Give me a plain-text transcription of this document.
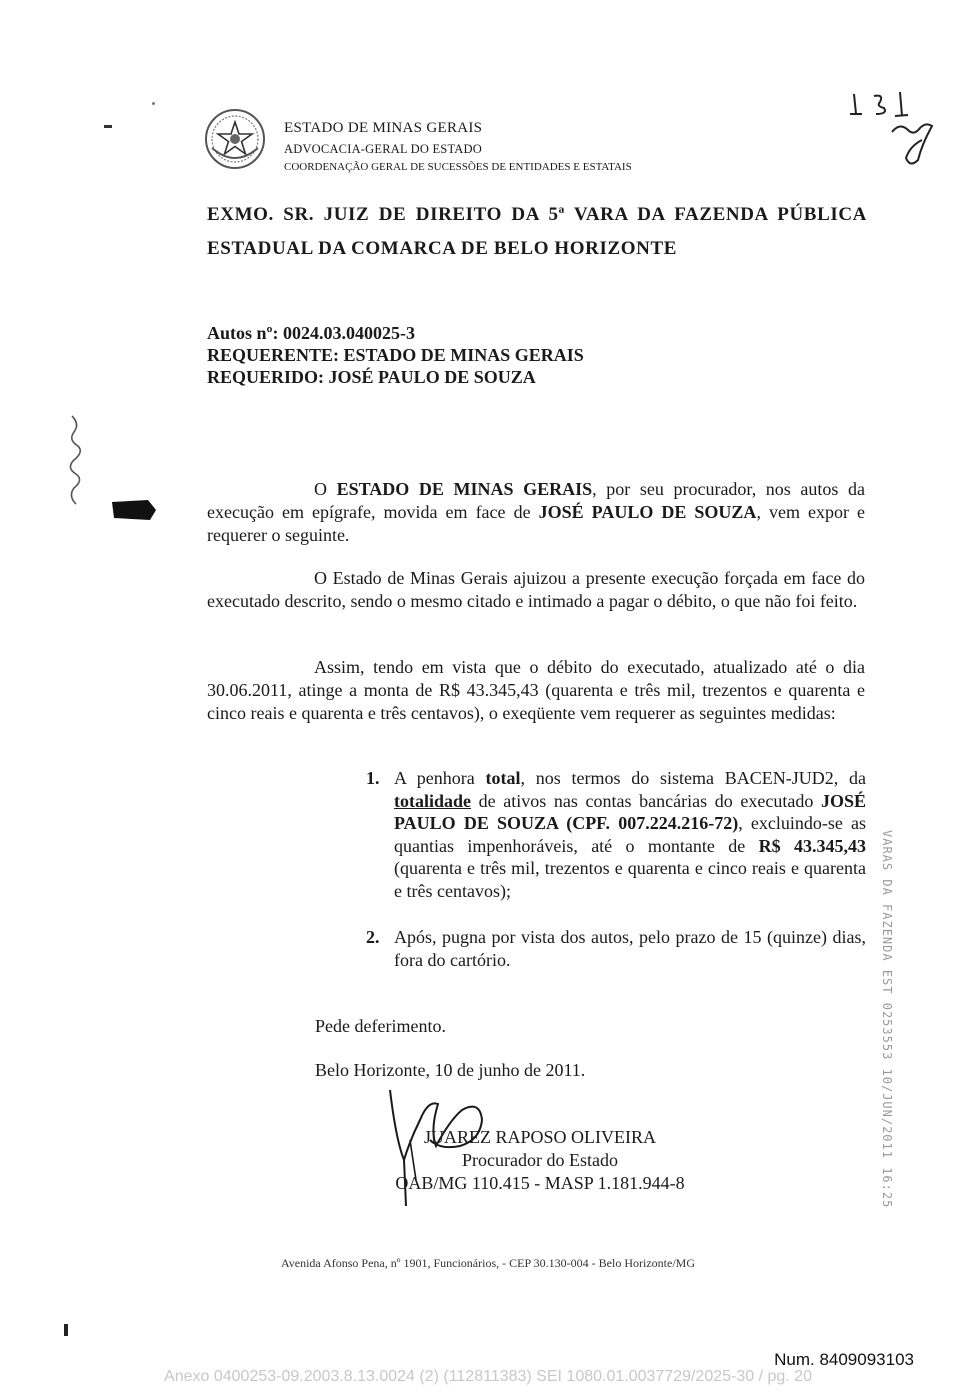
ESTADO DE MINAS GERAIS
ADVOCACIA-GERAL DO ESTADO
COORDENAÇÃO GERAL DE SUCESSÕES DE ENTIDADES E ESTATAIS
EXMO. SR. JUIZ DE DIREITO DA 5ª VARA DA FAZENDA PÚBLICA
ESTADUAL DA COMARCA DE BELO HORIZONTE
Autos nº: 0024.03.040025-3
REQUERENTE: ESTADO DE MINAS GERAIS
REQUERIDO: JOSÉ PAULO DE SOUZA
O ESTADO DE MINAS GERAIS, por seu procurador, nos autos da execução em epígrafe, movida em face de JOSÉ PAULO DE SOUZA, vem expor e requerer o seguinte.
O Estado de Minas Gerais ajuizou a presente execução forçada em face do executado descrito, sendo o mesmo citado e intimado a pagar o débito, o que não foi feito.
Assim, tendo em vista que o débito do executado, atualizado até o dia 30.06.2011, atinge a monta de R$ 43.345,43 (quarenta e três mil, trezentos e quarenta e cinco reais e quarenta e três centavos), o exeqüente vem requerer as seguintes medidas:
1. A penhora total, nos termos do sistema BACEN-JUD2, da totalidade de ativos nas contas bancárias do executado JOSÉ PAULO DE SOUZA (CPF. 007.224.216-72), excluindo-se as quantias impenhoráveis, até o montante de R$ 43.345,43 (quarenta e três mil, trezentos e quarenta e cinco reais e quarenta e três centavos);
2. Após, pugna por vista dos autos, pelo prazo de 15 (quinze) dias, fora do cartório.	VARAS DA FAZENDA EST 0253553 10/JUN/2011 16:25
Pede deferimento.
Belo Horizonte, 10 de junho de 2011.
JUAREZ RAPOSO OLIVEIRA
Procurador do Estado
OAB/MG 110.415 - MASP 1.181.944-8
Avenida Afonso Pena, nº 1901, Funcionários, - CEP 30.130-004 - Belo Horizonte/MG
Num. 8409093103
Anexo 0400253-09.2003.8.13.0024 (2) (112811383) SEI 1080.01.0037729/2025-30 / pg. 20
